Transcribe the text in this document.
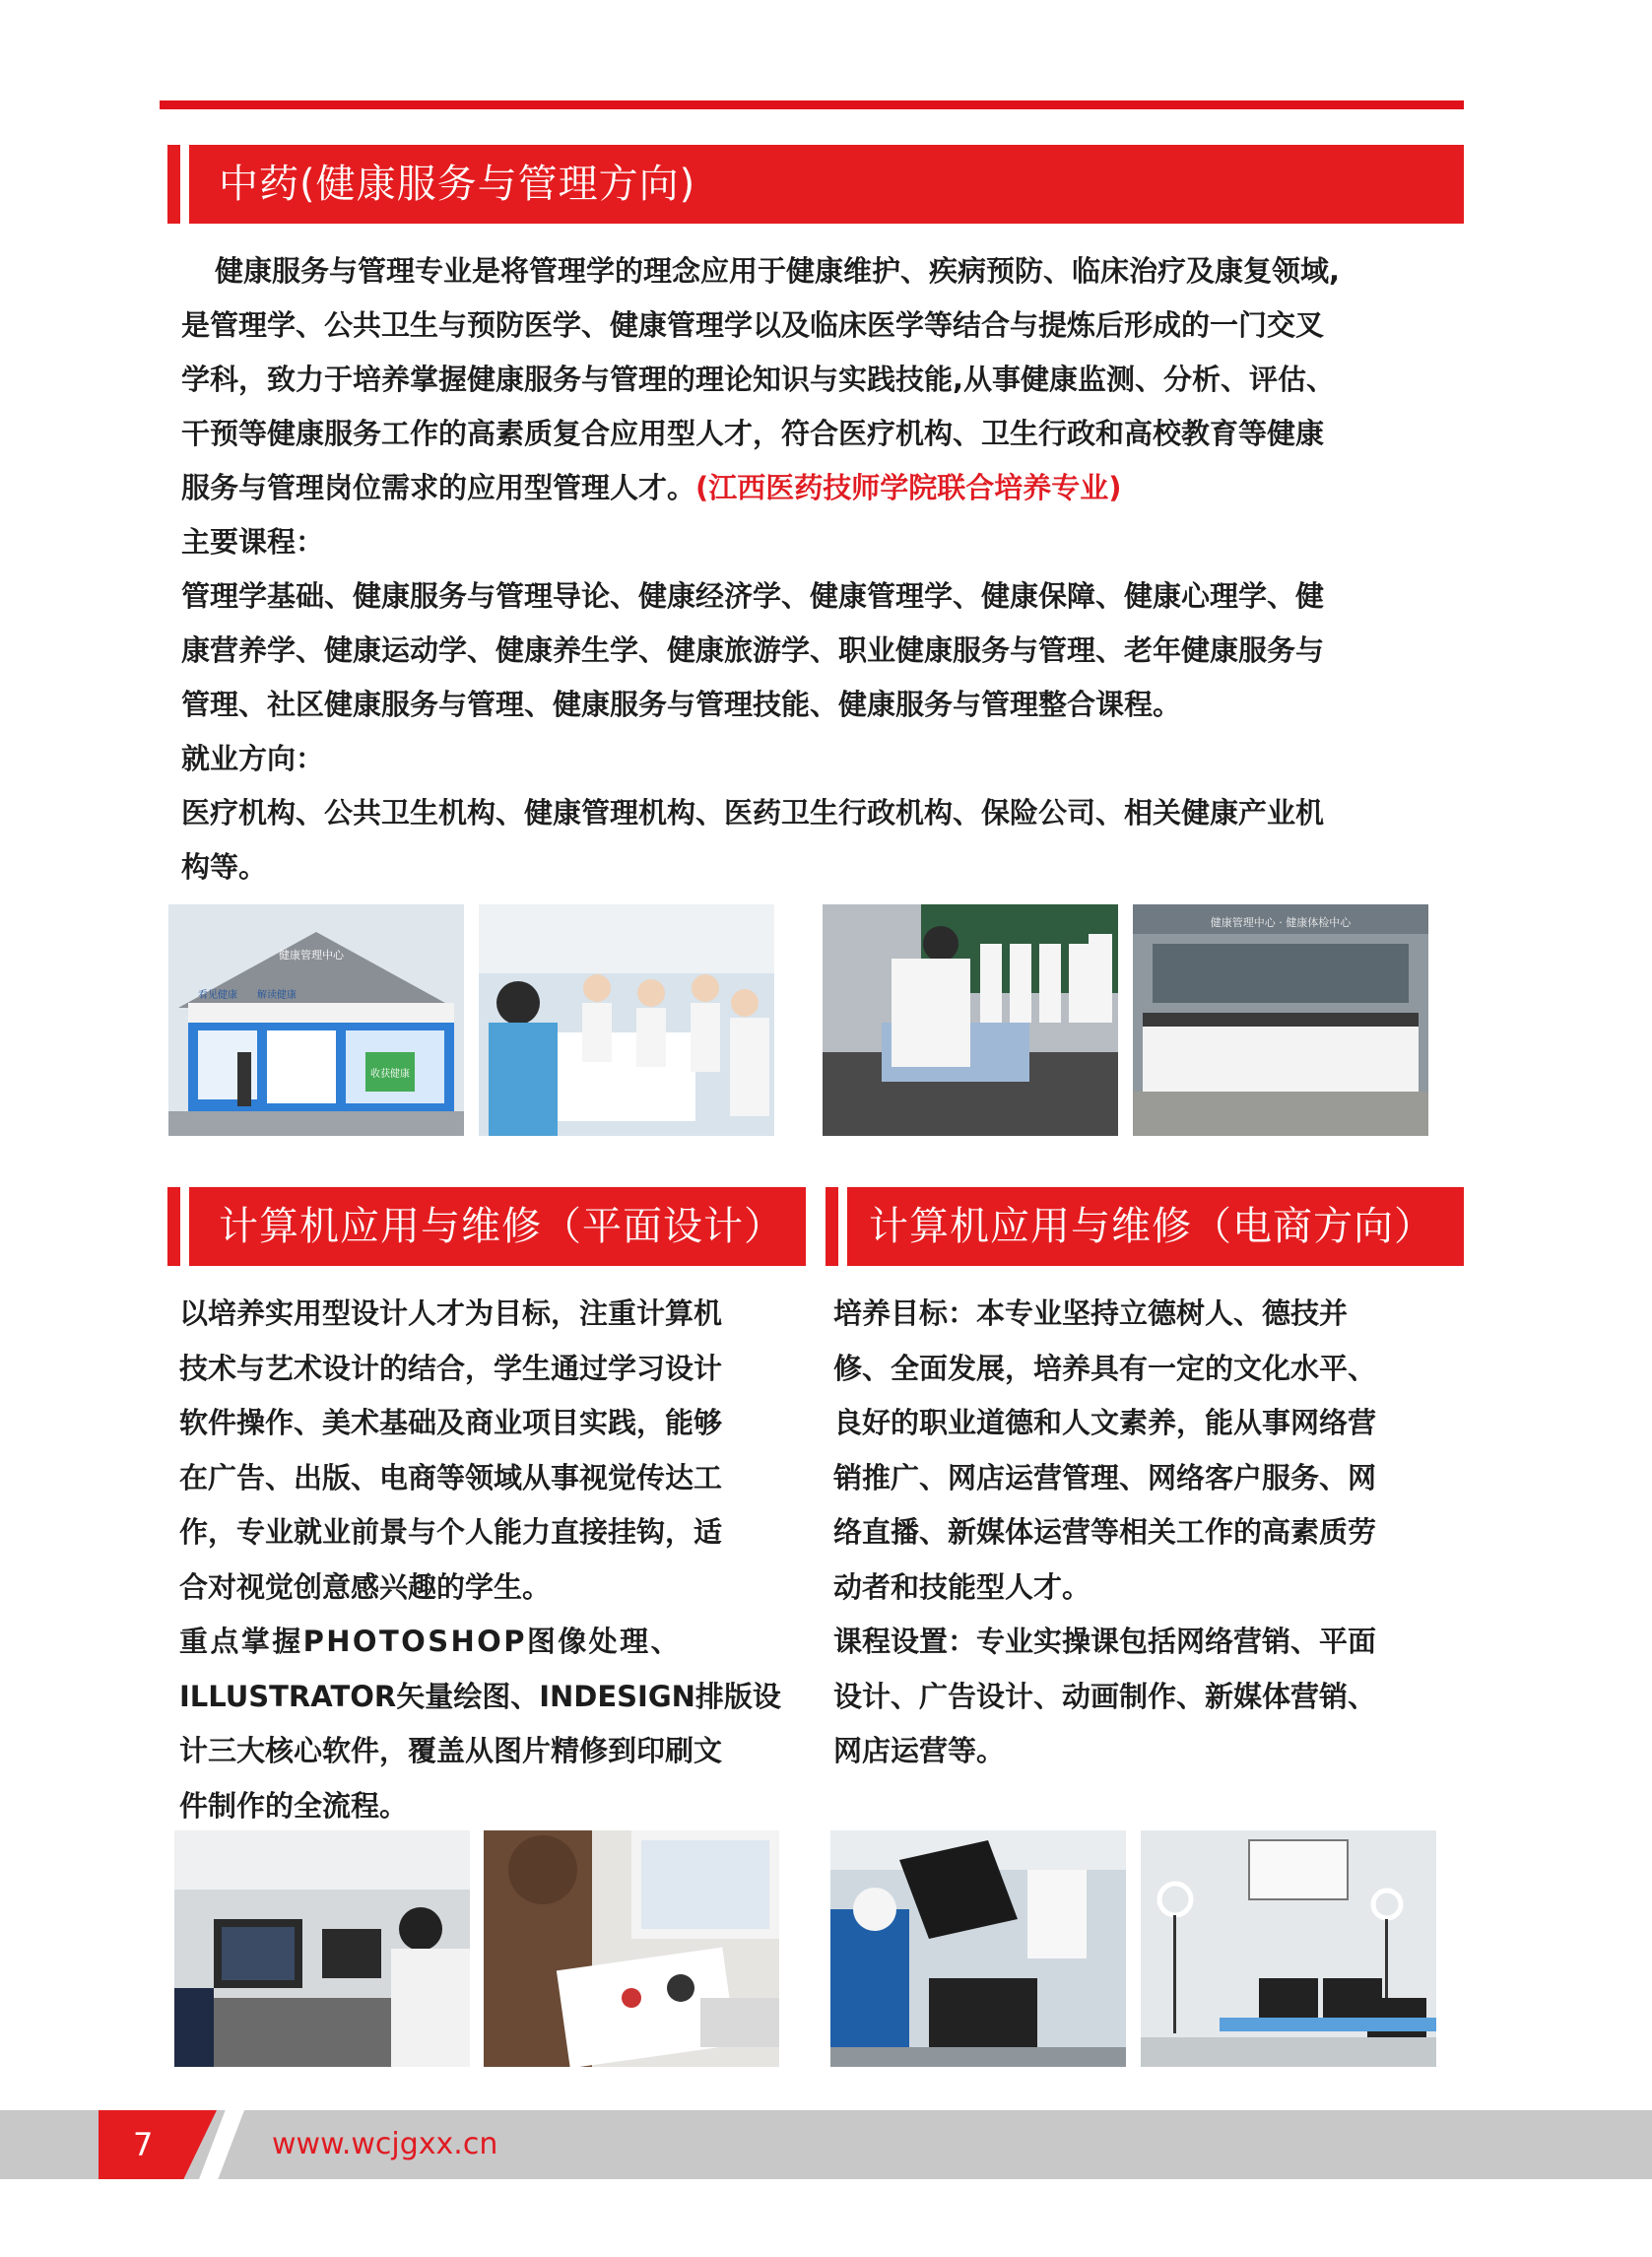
中药(健康服务与管理方向)
健康服务与管理专业是将管理学的理念应用于健康维护、疾病预防、临床治疗及康复领域,
是管理学、公共卫生与预防医学、健康管理学以及临床医学等结合与提炼后形成的一门交叉
学科，致力于培养掌握健康服务与管理的理论知识与实践技能,从事健康监测、分析、评估、
干预等健康服务工作的高素质复合应用型人才，符合医疗机构、卫生行政和高校教育等健康
服务与管理岗位需求的应用型管理人才。(江西医药技师学院联合培养专业)
主要课程：
管理学基础、健康服务与管理导论、健康经济学、健康管理学、健康保障、健康心理学、健
康营养学、健康运动学、健康养生学、健康旅游学、职业健康服务与管理、老年健康服务与
管理、社区健康服务与管理、健康服务与管理技能、健康服务与管理整合课程。
就业方向：
医疗机构、公共卫生机构、健康管理机构、医药卫生行政机构、保险公司、相关健康产业机
构等。
健康管理中心
看见健康 解读健康
收获健康
健康管理中心 · 健康体检中心
计算机应用与维修（平面设计）

以培养实用型设计人才为目标，注重计算机

技术与艺术设计的结合，学生通过学习设计

软件操作、美术基础及商业项目实践，能够

在广告、出版、电商等领域从事视觉传达工

作，专业就业前景与个人能力直接挂钩，适

合对视觉创意感兴趣的学生。

重点掌握PHOTOSHOP图像处理、

ILLUSTRATOR矢量绘图、INDESIGN排版设

计三大核心软件，覆盖从图片精修到印刷文

件制作的全流程。

计算机应用与维修（电商方向）

培养目标：本专业坚持立德树人、德技并

修、全面发展，培养具有一定的文化水平、

良好的职业道德和人文素养，能从事网络营

销推广、网店运营管理、网络客户服务、网

络直播、新媒体运营等相关工作的高素质劳

动者和技能型人才。

课程设置：专业实操课包括网络营销、平面

设计、广告设计、动画制作、新媒体营销、

网店运营等。

7	www.wcjgxx.cn
